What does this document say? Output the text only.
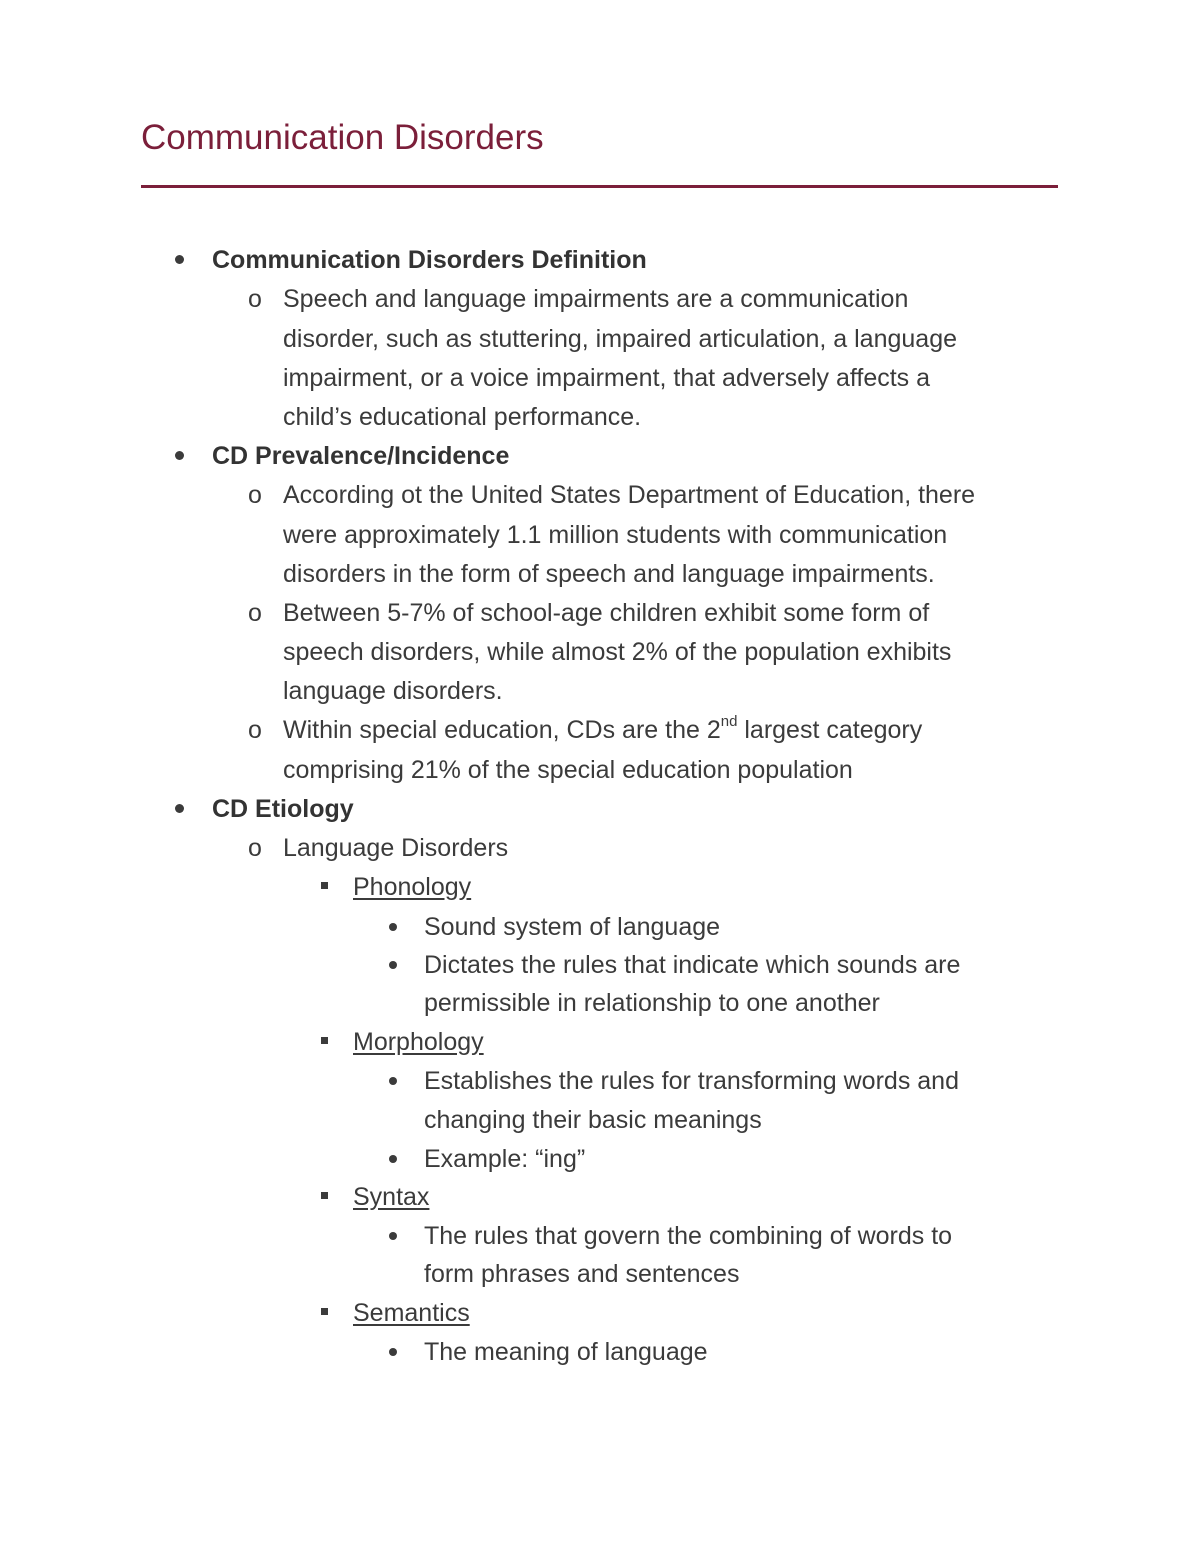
Communication Disorders
Communication Disorders Definition
o Speech and language impairments are a communication
disorder, such as stuttering, impaired articulation, a language
impairment, or a voice impairment, that adversely affects a
child’s educational performance.
CD Prevalence/Incidence
o According ot the United States Department of Education, there
were approximately 1.1 million students with communication
disorders in the form of speech and language impairments.
o Between 5-7% of school-age children exhibit some form of
speech disorders, while almost 2% of the population exhibits
language disorders.
o Within special education, CDs are the 2nd largest category
comprising 21% of the special education population
CD Etiology
o Language Disorders
Phonology
Sound system of language
Dictates the rules that indicate which sounds are
permissible in relationship to one another
Morphology
Establishes the rules for transforming words and
changing their basic meanings
Example: “ing”
Syntax
The rules that govern the combining of words to
form phrases and sentences
Semantics
The meaning of language
